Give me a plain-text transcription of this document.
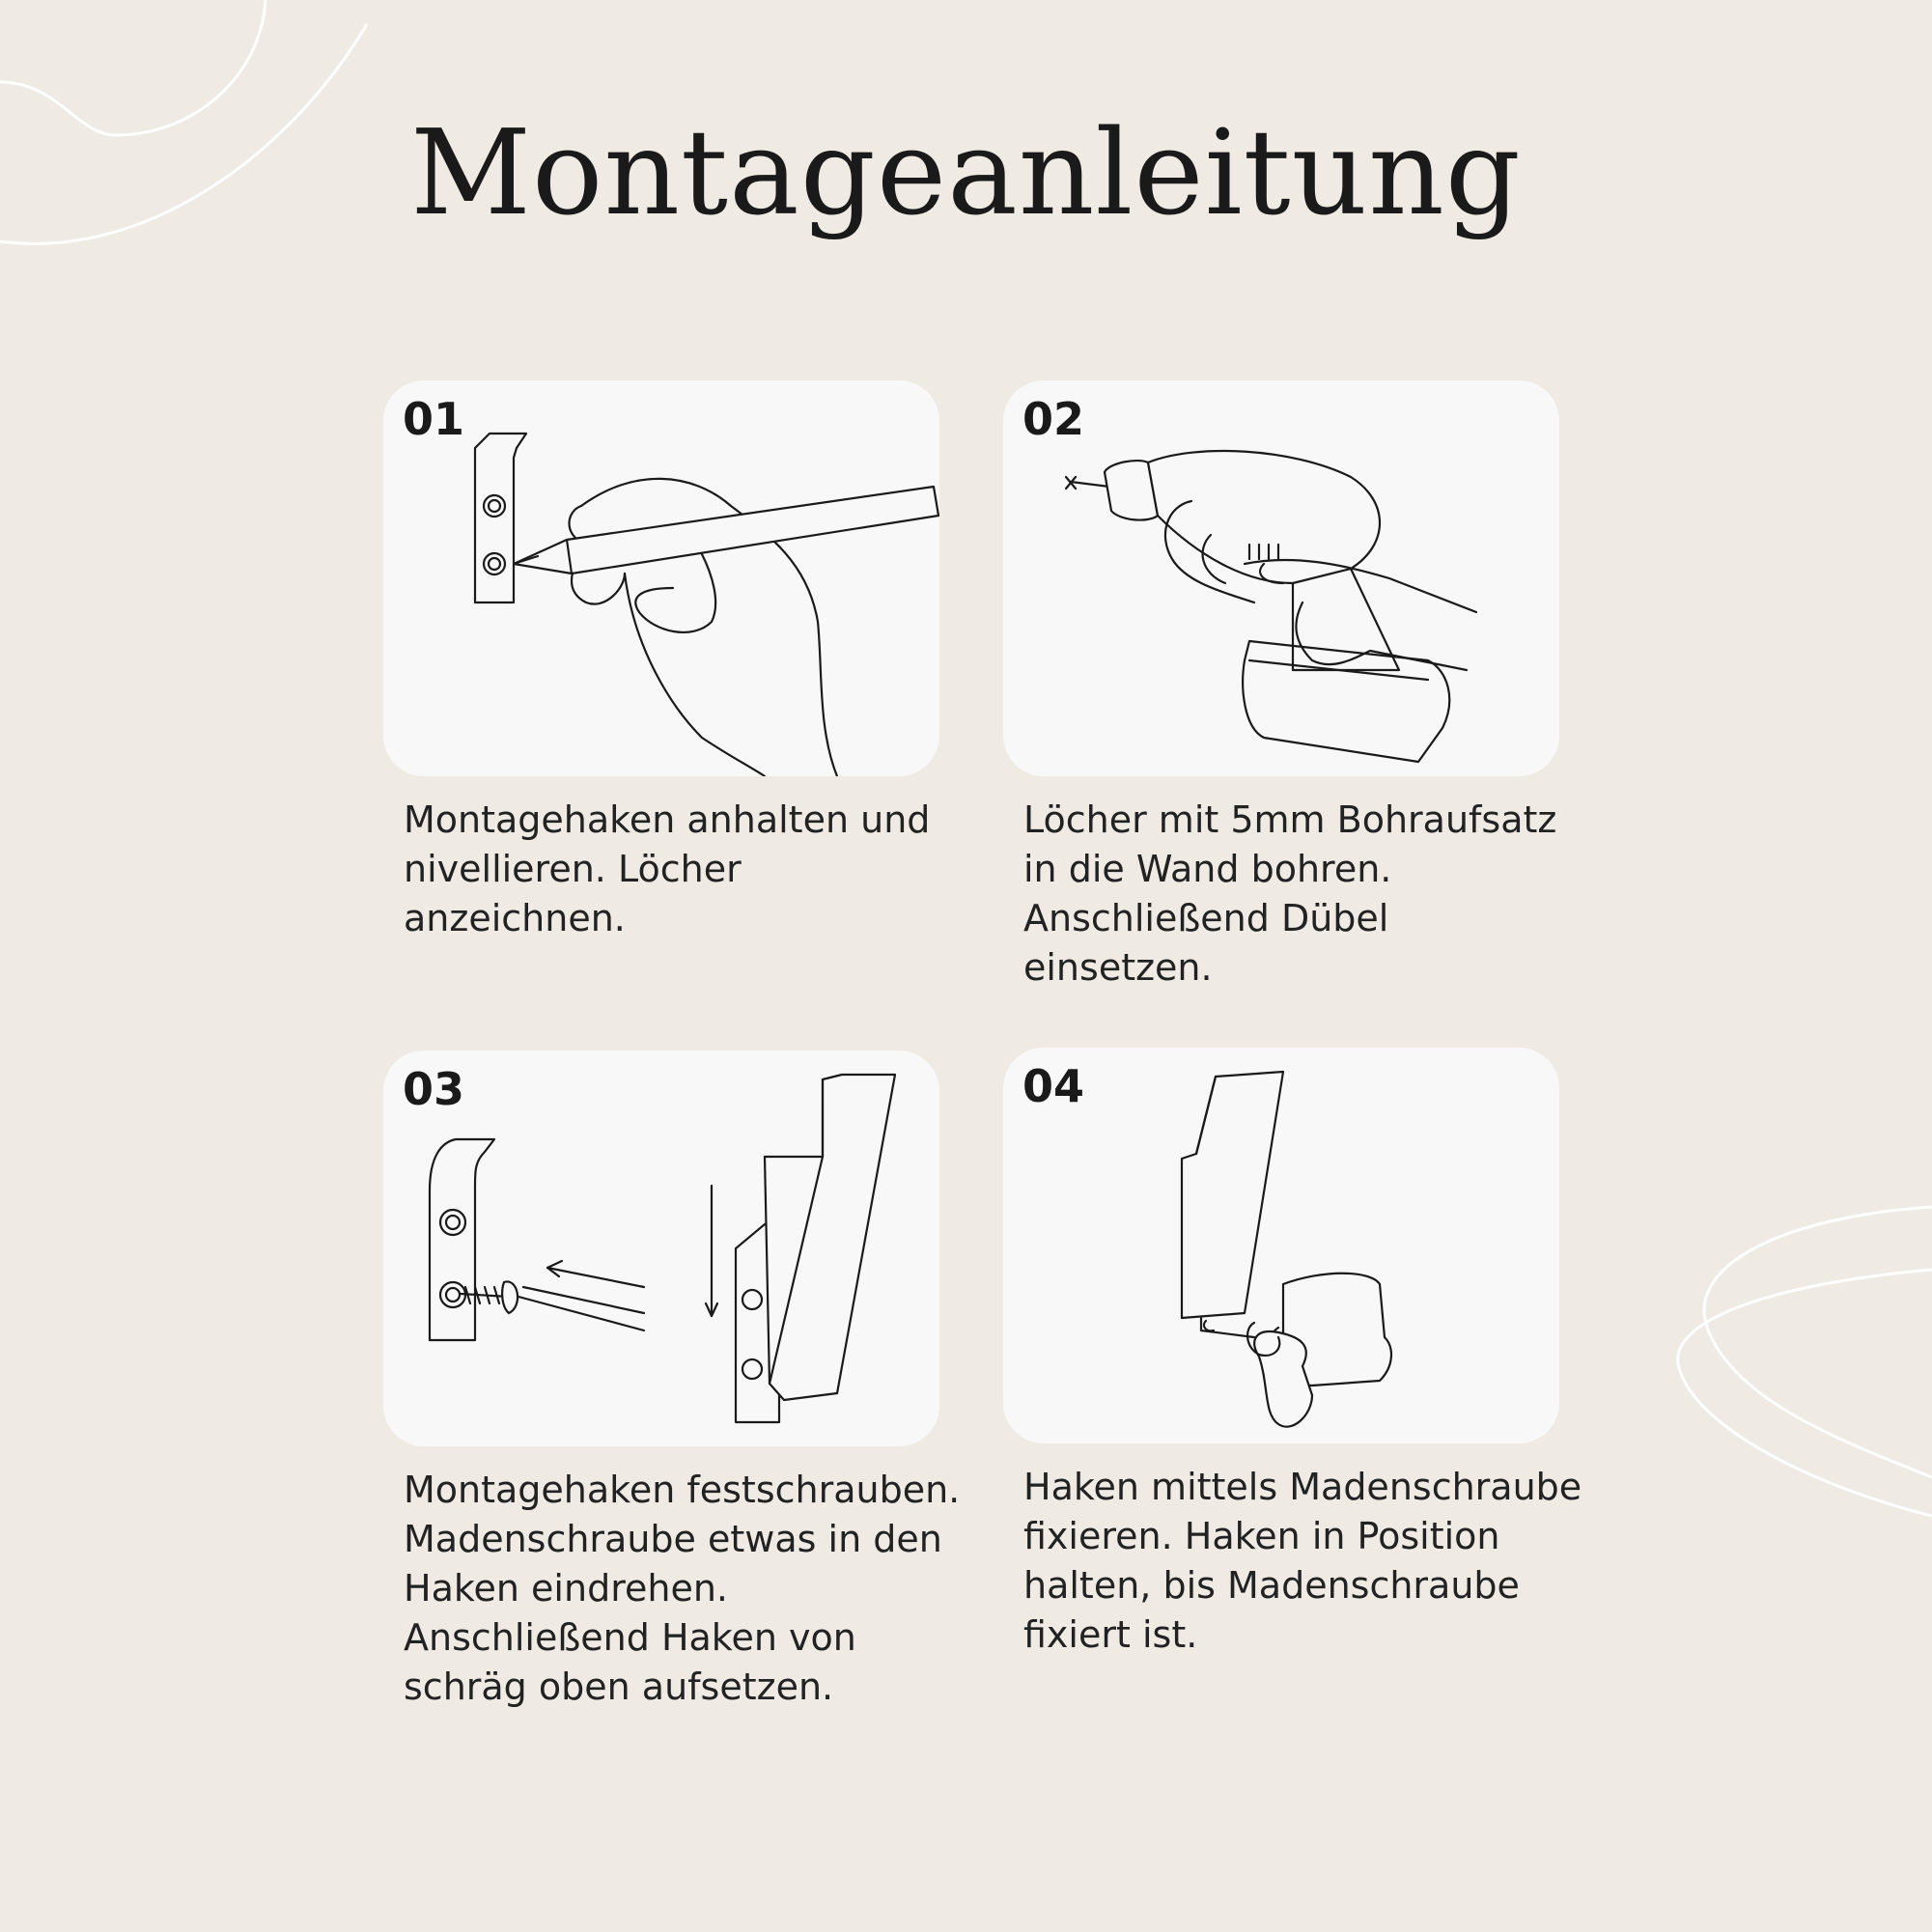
Montageanleitung
01
Montagehaken anhalten und nivellieren. Löcher anzeichnen.
02
Löcher mit 5mm Bohraufsatz in die Wand bohren. Anschließend Dübel einsetzen.
03
Montagehaken festschrauben. Madenschraube etwas in den Haken eindrehen. Anschließend Haken von schräg oben aufsetzen.
04
Haken mittels Madenschraube fixieren. Haken in Position halten, bis Madenschraube fixiert ist.
